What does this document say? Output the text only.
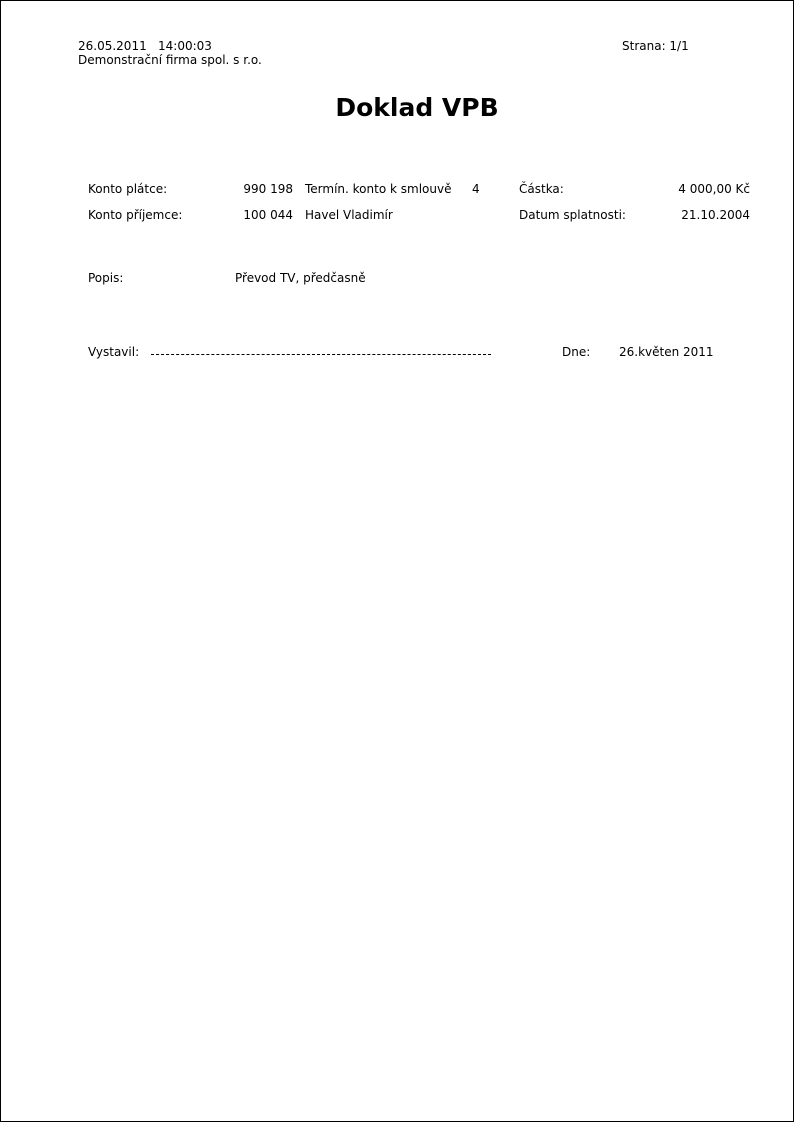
26.05.2011 14:00:03
Demonstrační firma spol. s r.o.
Strana: 1/1
Doklad VPB
Konto plátce:	990 198 Termín. konto k smlouvě 4	Částka:	4 000,00 Kč
Konto příjemce:	100 044 Havel Vladimír	Datum splatnosti:	21.10.2004
Popis:	Převod TV, předčasně
Vystavil:	Dne: 26.květen 2011
